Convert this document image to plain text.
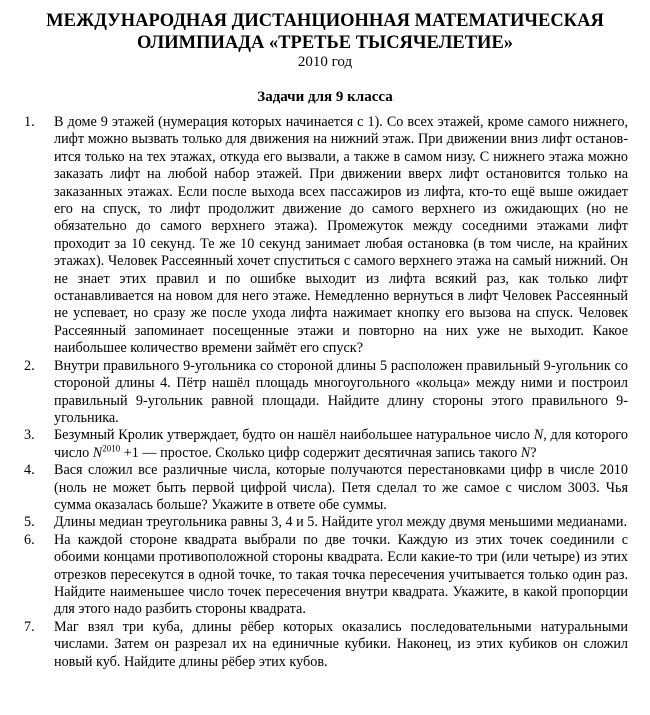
МЕЖДУНАРОДНАЯ ДИСТАНЦИОННАЯ МАТЕМАТИЧЕСКАЯ
ОЛИМПИАДА «ТРЕТЬЕ ТЫСЯЧЕЛЕТИЕ»

2010 год

Задачи для 9 класса

1.	В доме 9 этажей (нумерация которых начинается с 1). Со всех этажей, кроме самого нижнего, лифт можно вызвать только для движения на нижний этаж. При движении вниз лифт остановится только на тех этажах, откуда его вызвали, а также в самом низу. С нижнего этажа можно заказать лифт на любой набор этажей. При движении вверх лифт остановится только на заказанных этажах. Если после выхода всех пассажиров из лифта, кто-то ещё выше ожидает его на спуск, то лифт продолжит движение до самого верхнего из ожидающих (но не обязательно до самого верхнего этажа). Промежуток между соседними этажами лифт проходит за 10 секунд. Те же 10 секунд занимает любая остановка (в том числе, на крайних этажах). Человек Рассеянный хочет спуститься с самого верхнего этажа на самый нижний. Он не знает этих правил и по ошибке выходит из лифта всякий раз, как только лифт останавливается на новом для него этаже. Немедленно вернуться в лифт Человек Рассеянный не успевает, но сразу же после ухода лифта нажимает кнопку его вызова на спуск. Человек Рассеянный запоминает посещенные этажи и повторно на них уже не выходит. Какое наибольшее количество времени займёт его спуск?
2.	Внутри правильного 9-угольника со стороной длины 5 расположен правильный 9-угольник со стороной длины 4. Пётр нашёл площадь многоугольного «кольца» между ними и построил правильный 9-угольник равной площади. Найдите длину стороны этого правильного 9-угольника.
3.	Безумный Кролик утверждает, будто он нашёл наибольшее натуральное число N, для которого число $N^{2010} +1$ — простое. Сколько цифр содержит десятичная запись такого N?
4.	Вася сложил все различные числа, которые получаются перестановками цифр в числе 2010 (ноль не может быть первой цифрой числа). Петя сделал то же самое с числом 3003. Чья сумма оказалась больше? Укажите в ответе обе суммы.
5.	Длины медиан треугольника равны 3, 4 и 5. Найдите угол между двумя меньшими медианами.
6.	На каждой стороне квадрата выбрали по две точки. Каждую из этих точек соединили с обоими концами противоположной стороны квадрата. Если какие-то три (или четыре) из этих отрезков пересекутся в одной точке, то такая точка пересечения учитывается только один раз. Найдите наименьшее число точек пересечения внутри квадрата. Укажите, в какой пропорции для этого надо разбить стороны квадрата.
7.	Маг взял три куба, длины рёбер которых оказались последовательными натуральными числами. Затем он разрезал их на единичные кубики. Наконец, из этих кубиков он сложил новый куб. Найдите длины рёбер этих кубов.
